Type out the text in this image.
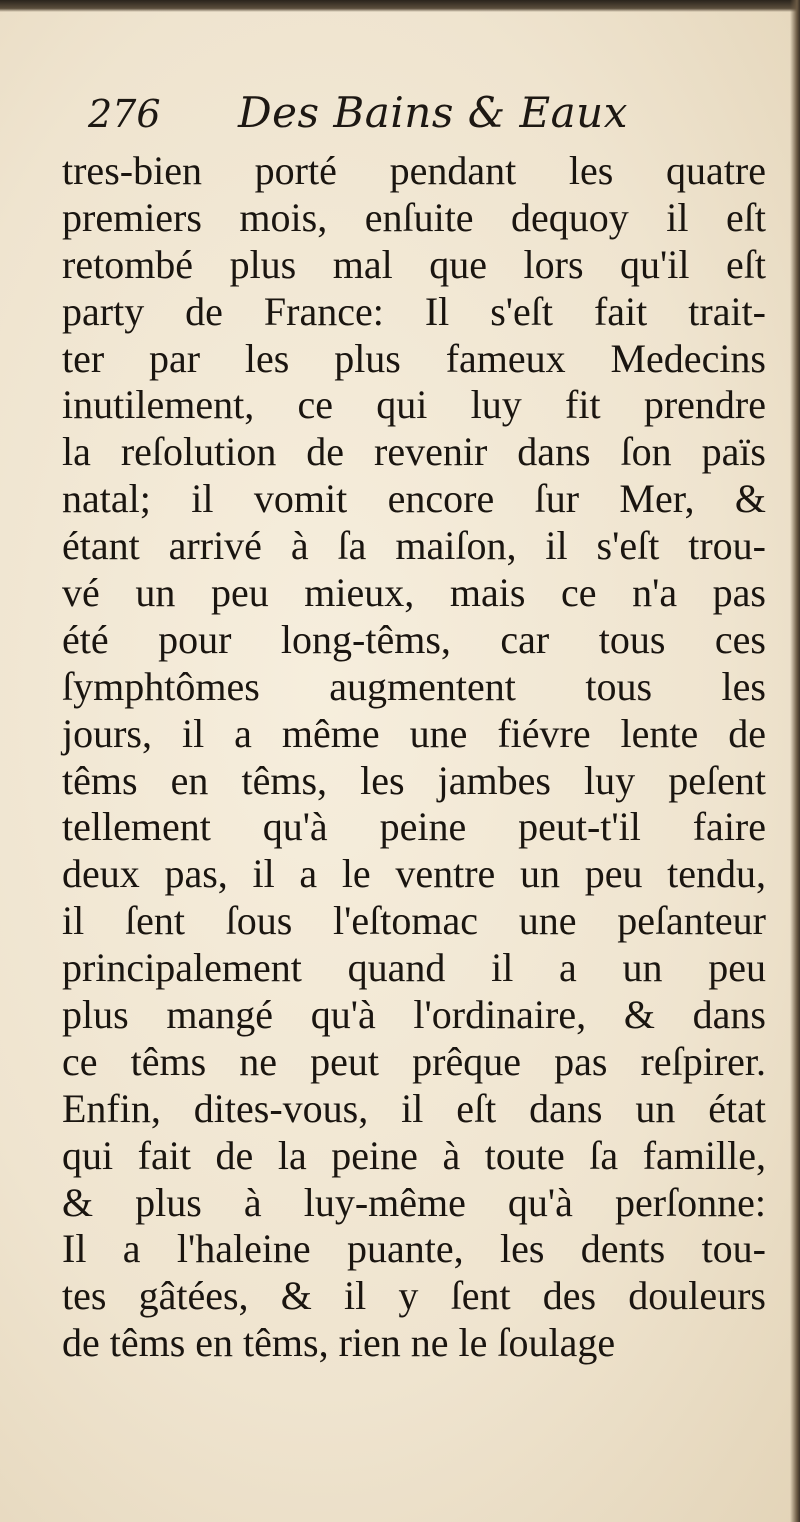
276 Des Bains & Eaux
tres-bien porté pendant les quatre
premiers mois, enſuite dequoy il eſt
retombé plus mal que lors qu'il eſt
party de France: Il s'eſt fait trait-
ter par les plus fameux Medecins
inutilement, ce qui luy fit prendre
la reſolution de revenir dans ſon païs
natal; il vomit encore ſur Mer, &
étant arrivé à ſa maiſon, il s'eſt trou-
vé un peu mieux, mais ce n'a pas
été pour long-têms, car tous ces
ſymphtômes augmentent tous les
jours, il a même une fiévre lente de
têms en têms, les jambes luy peſent
tellement qu'à peine peut-t'il faire
deux pas, il a le ventre un peu tendu,
il ſent ſous l'eſtomac une peſanteur
principalement quand il a un peu
plus mangé qu'à l'ordinaire, & dans
ce têms ne peut prêque pas reſpirer.
Enfin, dites-vous, il eſt dans un état
qui fait de la peine à toute ſa famille,
& plus à luy-même qu'à perſonne:
Il a l'haleine puante, les dents tou-
tes gâtées, & il y ſent des douleurs
de têms en têms, rien ne le ſoulage
